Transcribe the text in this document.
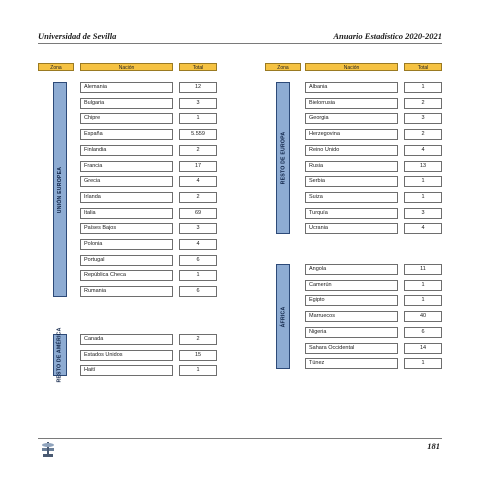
Universidad de Sevilla	Anuario Estadístico 2020-2021
Zona	Nación	Total	Zona	Nación	Total
UNIÓN EUROPEA
Alemania	12
Bulgaria	3
Chipre	1
España	5.559
Finlandia	2
Francia	17
Grecia	4
Irlanda	2
Italia	69
Países Bajos	3
Polonia	4
Portugal	6
República Checa	1
Rumania	6
RESTO DE AMÉRICA	Canada	2
Estados Unidos	15
Haití	1
RESTO DE EUROPA
Albania	1
Bielorrusia	2
Georgia	3
Herzegovina	2
Reino Unido	4
Rusia	13
Serbia	1
Suiza	1
Turquía	3
Ucrania	4
ÁFRICA
Angola	11
Camerún	1
Egipto	1
Marruecos	40
Nigeria	6
Sahara Occidental	14
Túnez	1
181
